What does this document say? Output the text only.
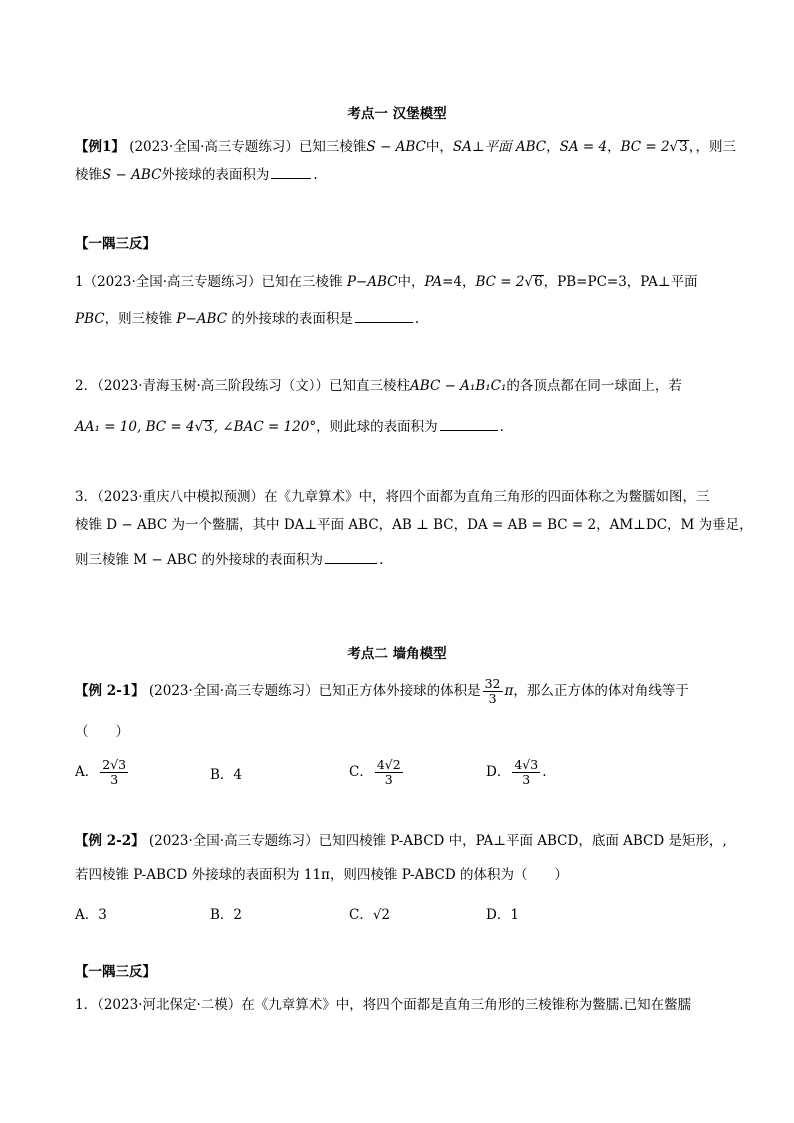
考点一 汉堡模型
【例1】 (2023·全国·高三专题练习）已知三棱锥S − ABC中，SA⊥平面 ABC，SA = 4，BC = 2√3，，则三
棱锥S − ABC外接球的表面积为	.
【一隅三反】
1（2023·全国·高三专题练习）已知在三棱锥 P−ABC中，PA=4，BC = 2√6，PB=PC=3，PA⊥平面
PBC，则三棱锥 P−ABC 的外接球的表面积是	.
2．（2023·青海玉树·高三阶段练习（文））已知直三棱柱ABC − A₁B₁C₁的各顶点都在同一球面上，若
AA₁ = 10, BC = 4√3, ∠BAC = 120°，则此球的表面积为	.
3．（2023·重庆八中模拟预测）在《九章算术》中，将四个面都为直角三角形的四面体称之为鳖臑如图，三
棱锥 D − ABC 为一个鳖臑，其中 DA⊥平面 ABC，AB ⊥ BC，DA = AB = BC = 2，AM⊥DC，M 为垂足，
则三棱锥 M − ABC 的外接球的表面积为	.
考点二 墙角模型
【例 2-1】 (2023·全国·高三专题练习）已知正方体外接球的体积是 $\frac{32}{3}$ π，那么正方体的体对角线等于
（　　）
A． $\frac{2√3}{3}$	B．4	C． $\frac{4√2}{3}$	D． $\frac{4√3}{3}$ .
【例 2-2】 (2023·全国·高三专题练习）已知四棱锥 P-ABCD 中，PA⊥平面 ABCD，底面 ABCD 是矩形，,
若四棱锥 P-ABCD 外接球的表面积为 11π，则四棱锥 P-ABCD 的体积为（　　）
A．3	B．2	C．√2	D．1
【一隅三反】
1．（2023·河北保定·二模）在《九章算术》中，将四个面都是直角三角形的三棱锥称为鳖臑.已知在鳖臑
